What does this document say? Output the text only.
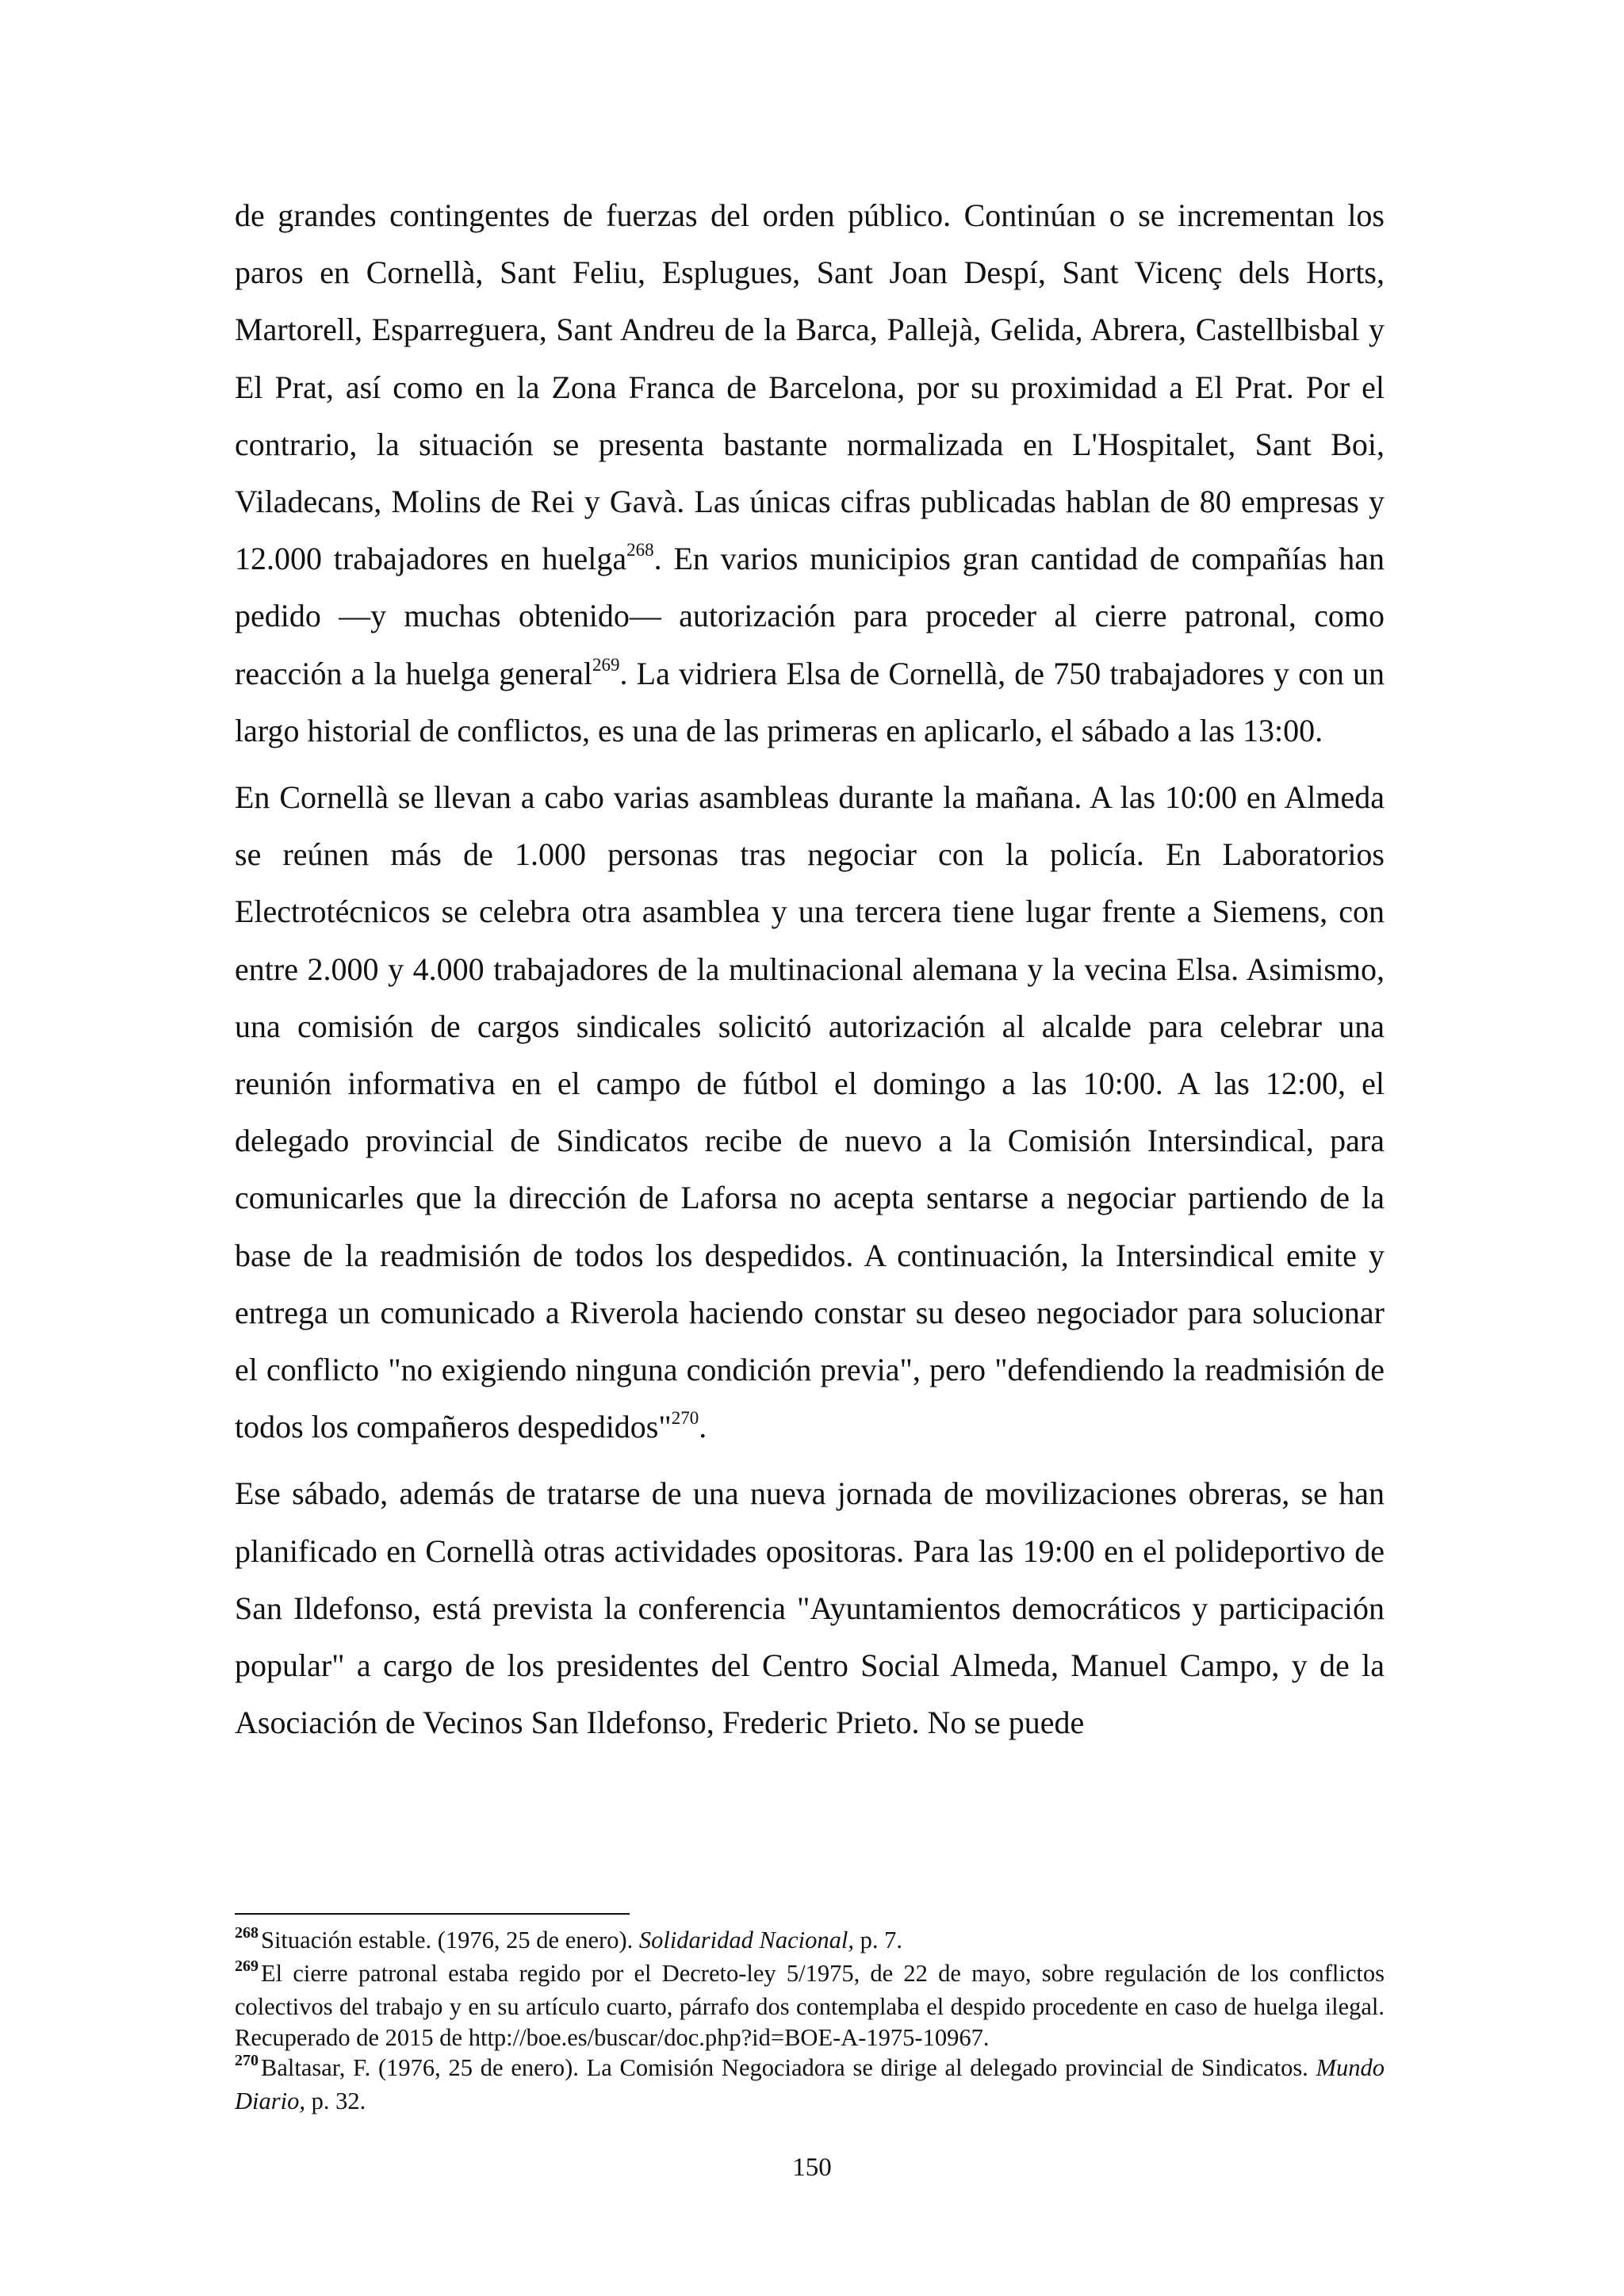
de grandes contingentes de fuerzas del orden público. Continúan o se incrementan los paros en Cornellà, Sant Feliu, Esplugues, Sant Joan Despí, Sant Vicenç dels Horts, Martorell, Esparreguera, Sant Andreu de la Barca, Pallejà, Gelida, Abrera, Castellbisbal y El Prat, así como en la Zona Franca de Barcelona, por su proximidad a El Prat. Por el contrario, la situación se presenta bastante normalizada en L'Hospitalet, Sant Boi, Viladecans, Molins de Rei y Gavà. Las únicas cifras publicadas hablan de 80 empresas y 12.000 trabajadores en huelga$^{268}$. En varios municipios gran cantidad de compañías han pedido —y muchas obtenido— autorización para proceder al cierre patronal, como reacción a la huelga general$^{269}$. La vidriera Elsa de Cornellà, de 750 trabajadores y con un largo historial de conflictos, es una de las primeras en aplicarlo, el sábado a las 13:00.

En Cornellà se llevan a cabo varias asambleas durante la mañana. A las 10:00 en Almeda se reúnen más de 1.000 personas tras negociar con la policía. En Laboratorios Electrotécnicos se celebra otra asamblea y una tercera tiene lugar frente a Siemens, con entre 2.000 y 4.000 trabajadores de la multinacional alemana y la vecina Elsa. Asimismo, una comisión de cargos sindicales solicitó autorización al alcalde para celebrar una reunión informativa en el campo de fútbol el domingo a las 10:00. A las 12:00, el delegado provincial de Sindicatos recibe de nuevo a la Comisión Intersindical, para comunicarles que la dirección de Laforsa no acepta sentarse a negociar partiendo de la base de la readmisión de todos los despedidos. A continuación, la Intersindical emite y entrega un comunicado a Riverola haciendo constar su deseo negociador para solucionar el conflicto "no exigiendo ninguna condición previa", pero "defendiendo la readmisión de todos los compañeros despedidos"$^{270}$.

Ese sábado, además de tratarse de una nueva jornada de movilizaciones obreras, se han planificado en Cornellà otras actividades opositoras. Para las 19:00 en el polideportivo de San Ildefonso, está prevista la conferencia "Ayuntamientos democráticos y participación popular" a cargo de los presidentes del Centro Social Almeda, Manuel Campo, y de la Asociación de Vecinos San Ildefonso, Frederic Prieto. No se puede

$^{268}$Situación estable. (1976, 25 de enero). Solidaridad Nacional, p. 7.

$^{269}$El cierre patronal estaba regido por el Decreto-ley 5/1975, de 22 de mayo, sobre regulación de los conflictos colectivos del trabajo y en su artículo cuarto, párrafo dos contemplaba el despido procedente en caso de huelga ilegal. Recuperado de 2015 de http://boe.es/buscar/doc.php?id=BOE-A-1975-10967.

$^{270}$Baltasar, F. (1976, 25 de enero). La Comisión Negociadora se dirige al delegado provincial de Sindicatos. Mundo Diario, p. 32.

150
